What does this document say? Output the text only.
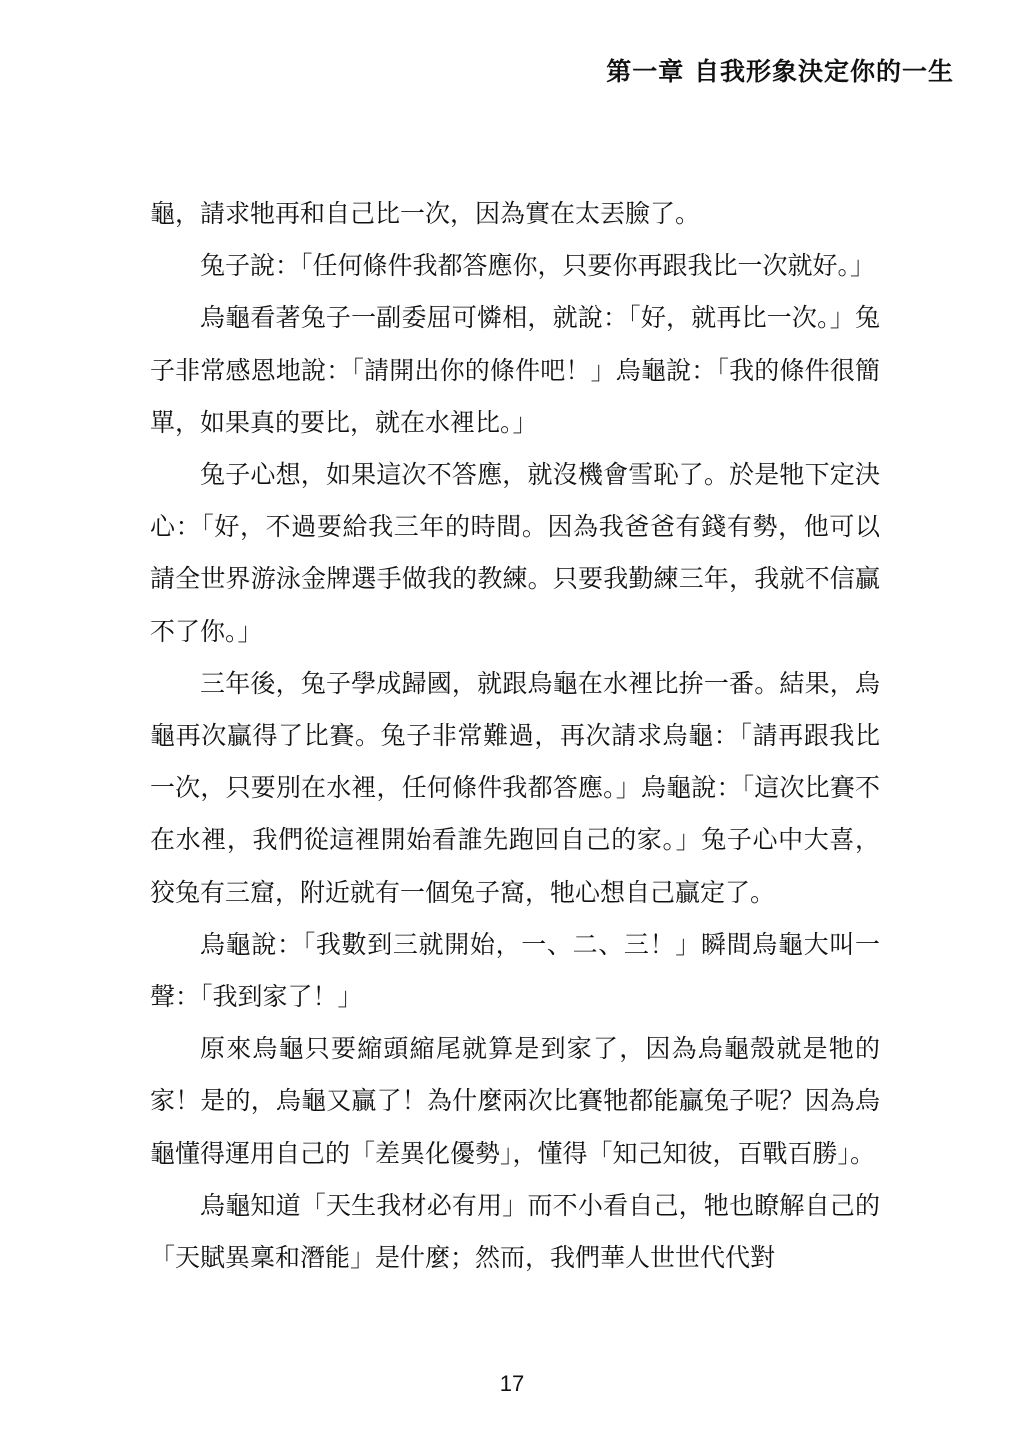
第一章 自我形象決定你的一生

龜，請求牠再和自己比一次，因為實在太丟臉了。

兔子說：「任何條件我都答應你，只要你再跟我比一次就好。」

烏龜看著兔子一副委屈可憐相，就說：「好，就再比一次。」兔子非常感恩地說：「請開出你的條件吧！」烏龜說：「我的條件很簡單，如果真的要比，就在水裡比。」

兔子心想，如果這次不答應，就沒機會雪恥了。於是牠下定決心：「好，不過要給我三年的時間。因為我爸爸有錢有勢，他可以請全世界游泳金牌選手做我的教練。只要我勤練三年，我就不信贏不了你。」

三年後，兔子學成歸國，就跟烏龜在水裡比拚一番。結果，烏龜再次贏得了比賽。兔子非常難過，再次請求烏龜：「請再跟我比一次，只要別在水裡，任何條件我都答應。」烏龜說：「這次比賽不在水裡，我們從這裡開始看誰先跑回自己的家。」兔子心中大喜，狡兔有三窟，附近就有一個兔子窩，牠心想自己贏定了。

烏龜說：「我數到三就開始，一、二、三！」瞬間烏龜大叫一聲：「我到家了！」

原來烏龜只要縮頭縮尾就算是到家了，因為烏龜殼就是牠的家！是的，烏龜又贏了！為什麼兩次比賽牠都能贏兔子呢？因為烏龜懂得運用自己的「差異化優勢」，懂得「知己知彼，百戰百勝」。

烏龜知道「天生我材必有用」而不小看自己，牠也瞭解自己的「天賦異稟和潛能」是什麼；然而，我們華人世世代代對

17
